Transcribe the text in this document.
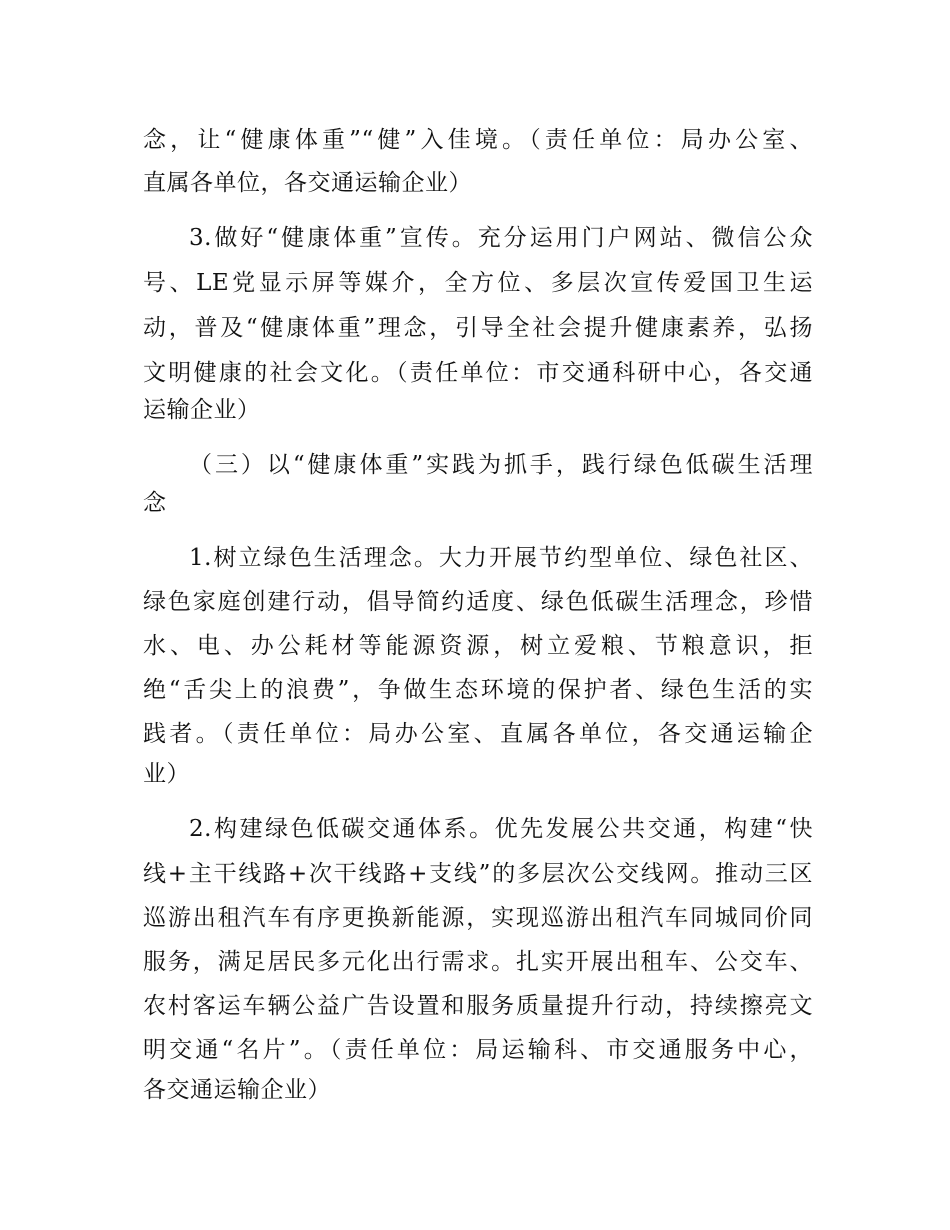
念，让“健康体重”“健”入佳境。（责任单位：局办公室、
直属各单位，各交通运输企业）
3.做好“健康体重”宣传。充分运用门户网站、微信公众
号、LE党显示屏等媒介，全方位、多层次宣传爱国卫生运
动，普及“健康体重”理念，引导全社会提升健康素养，弘扬
文明健康的社会文化。（责任单位：市交通科研中心，各交通
运输企业）
（三）以“健康体重”实践为抓手，践行绿色低碳生活理
念
1.树立绿色生活理念。大力开展节约型单位、绿色社区、
绿色家庭创建行动，倡导简约适度、绿色低碳生活理念，珍惜
水、电、办公耗材等能源资源，树立爱粮、节粮意识，拒
绝“舌尖上的浪费”，争做生态环境的保护者、绿色生活的实
践者。（责任单位：局办公室、直属各单位，各交通运输企
业）
2.构建绿色低碳交通体系。优先发展公共交通，构建“快
线+主干线路+次干线路+支线”的多层次公交线网。推动三区
巡游出租汽车有序更换新能源，实现巡游出租汽车同城同价同
服务，满足居民多元化出行需求。扎实开展出租车、公交车、
农村客运车辆公益广告设置和服务质量提升行动，持续擦亮文
明交通“名片”。（责任单位：局运输科、市交通服务中心，
各交通运输企业）
